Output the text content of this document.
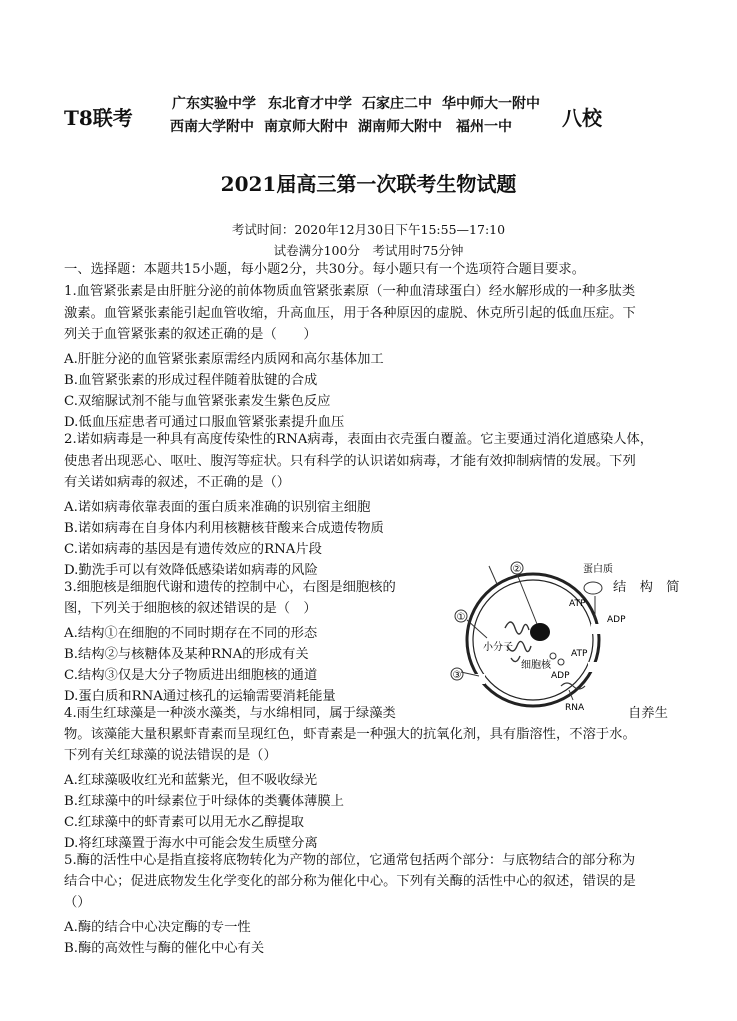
T8联考
广东实验中学 东北育才中学 石家庄二中 华中师大一附中
西南大学附中 南京师大附中 湖南师大附中 福州一中	八校
2021届高三第一次联考生物试题
考试时间：2020年12月30日下午15:55—17:10
试卷满分100分　考试用时75分钟
一、选择题：本题共15小题，每小题2分，共30分。每小题只有一个选项符合题目要求。
1.血管紧张素是由肝脏分泌的前体物质血管紧张素原（一种血清球蛋白）经水解形成的一种多肽类
激素。血管紧张素能引起血管收缩，升高血压，用于各种原因的虚脱、休克所引起的低血压症。下
列关于血管紧张素的叙述正确的是（　　）
A.肝脏分泌的血管紧张素原需经内质网和高尔基体加工
B.血管紧张素的形成过程伴随着肽键的合成
C.双缩脲试剂不能与血管紧张素发生紫色反应
D.低血压症患者可通过口服血管紧张素提升血压
2.诺如病毒是一种具有高度传染性的RNA病毒，表面由衣壳蛋白覆盖。它主要通过消化道感染人体，
使患者出现恶心、呕吐、腹泻等症状。只有科学的认识诺如病毒，才能有效抑制病情的发展。下列
有关诺如病毒的叙述，不正确的是（）
A.诺如病毒依靠表面的蛋白质来准确的识别宿主细胞
B.诺如病毒在自身体内利用核糖核苷酸来合成遗传物质
C.诺如病毒的基因是有遗传效应的RNA片段
D.勤洗手可以有效降低感染诺如病毒的风险
3.细胞核是细胞代谢和遗传的控制中心，右图是细胞核的	结　构　简
图，下列关于细胞核的叙述错误的是（　）
A.结构①在细胞的不同时期存在不同的形态
B.结构②与核糖体及某种RNA的形成有关
C.结构③仅是大分子物质进出细胞核的通道
D.蛋白质和RNA通过核孔的运输需要消耗能量
①
②
③
蛋白质
ATP
ADP
ATP
ADP
小分子
细胞核
RNA
4.雨生红球藻是一种淡水藻类，与水绵相同，属于绿藻类	自养生
物。该藻能大量积累虾青素而呈现红色，虾青素是一种强大的抗氧化剂，具有脂溶性，不溶于水。
下列有关红球藻的说法错误的是（）
A.红球藻吸收红光和蓝紫光，但不吸收绿光
B.红球藻中的叶绿素位于叶绿体的类囊体薄膜上
C.红球藻中的虾青素可以用无水乙醇提取
D.将红球藻置于海水中可能会发生质壁分离
5.酶的活性中心是指直接将底物转化为产物的部位，它通常包括两个部分：与底物结合的部分称为
结合中心；促进底物发生化学变化的部分称为催化中心。下列有关酶的活性中心的叙述，错误的是
（）
A.酶的结合中心决定酶的专一性
B.酶的高效性与酶的催化中心有关
